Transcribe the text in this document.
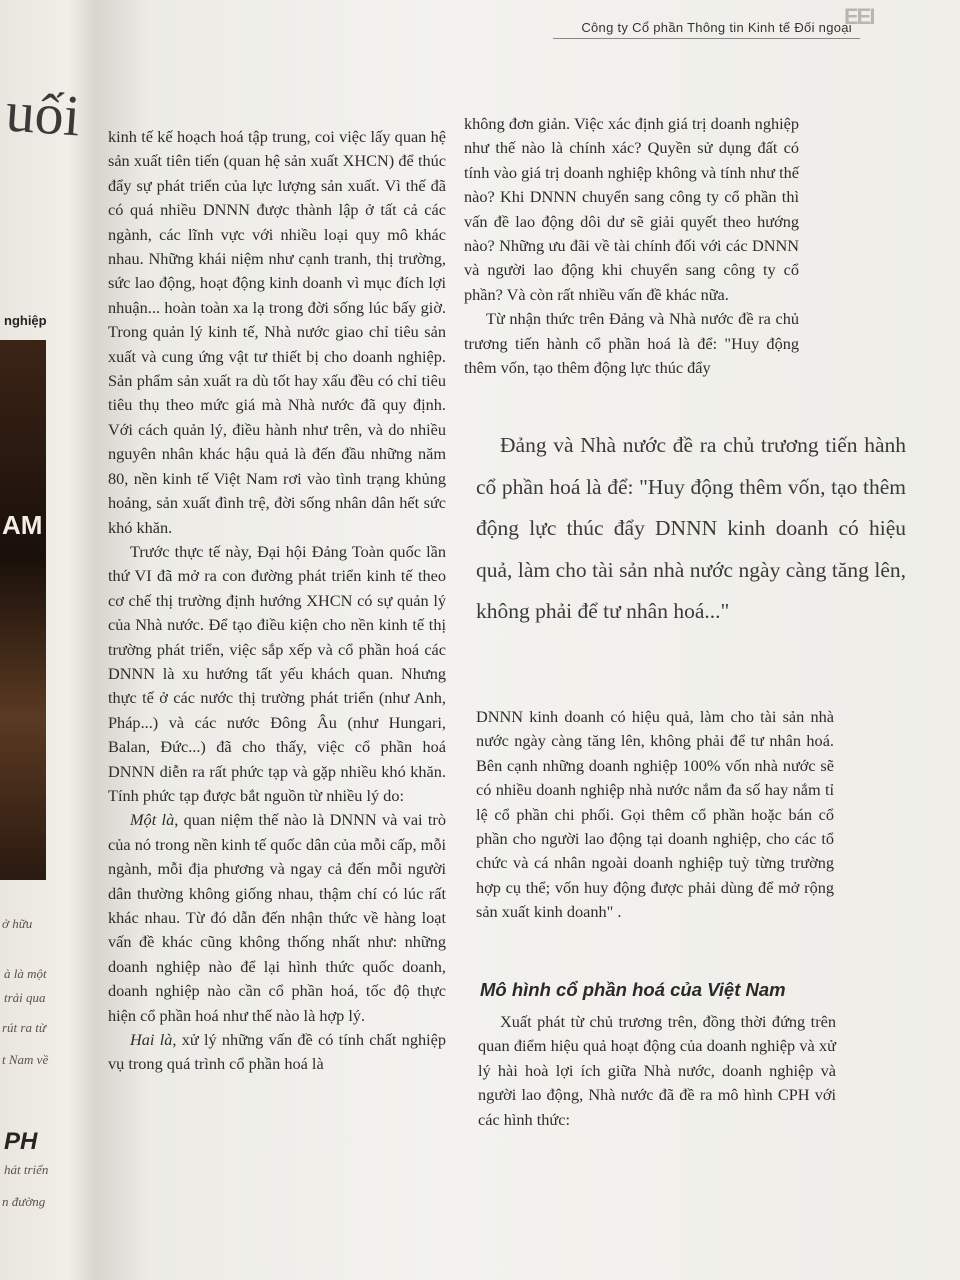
uối
nghiệp
AM
ở hữu
à là một
trải qua
rút ra từ
t Nam về
PH
hát triển
n đường
Công ty Cổ phần Thông tin Kinh tế Đối ngoại
EEI

kinh tế kế hoạch hoá tập trung, coi việc lấy quan hệ sản xuất tiên tiến (quan hệ sản xuất XHCN) để thúc đẩy sự phát triển của lực lượng sản xuất. Vì thế đã có quá nhiều DNNN được thành lập ở tất cả các ngành, các lĩnh vực với nhiều loại quy mô khác nhau. Những khái niệm như cạnh tranh, thị trường, sức lao động, hoạt động kinh doanh vì mục đích lợi nhuận... hoàn toàn xa lạ trong đời sống lúc bấy giờ. Trong quản lý kinh tế, Nhà nước giao chỉ tiêu sản xuất và cung ứng vật tư thiết bị cho doanh nghiệp. Sản phẩm sản xuất ra dù tốt hay xấu đều có chỉ tiêu tiêu thụ theo mức giá mà Nhà nước đã quy định. Với cách quản lý, điều hành như trên, và do nhiều nguyên nhân khác hậu quả là đến đầu những năm 80, nền kinh tế Việt Nam rơi vào tình trạng khủng hoảng, sản xuất đình trệ, đời sống nhân dân hết sức khó khăn.

Trước thực tế này, Đại hội Đảng Toàn quốc lần thứ VI đã mở ra con đường phát triển kinh tế theo cơ chế thị trường định hướng XHCN có sự quản lý của Nhà nước. Để tạo điều kiện cho nền kinh tế thị trường phát triển, việc sắp xếp và cổ phần hoá các DNNN là xu hướng tất yếu khách quan. Nhưng thực tế ở các nước thị trường phát triển (như Anh, Pháp...) và các nước Đông Âu (như Hungari, Balan, Đức...) đã cho thấy, việc cổ phần hoá DNNN diễn ra rất phức tạp và gặp nhiều khó khăn. Tính phức tạp được bắt nguồn từ nhiều lý do:

Một là, quan niệm thế nào là DNNN và vai trò của nó trong nền kinh tế quốc dân của mỗi cấp, mỗi ngành, mỗi địa phương và ngay cả đến mỗi người dân thường không giống nhau, thậm chí có lúc rất khác nhau. Từ đó dẫn đến nhận thức về hàng loạt vấn đề khác cũng không thống nhất như: những doanh nghiệp nào để lại hình thức quốc doanh, doanh nghiệp nào cần cổ phần hoá, tốc độ thực hiện cổ phần hoá như thế nào là hợp lý.

Hai là, xử lý những vấn đề có tính chất nghiệp vụ trong quá trình cổ phần hoá là

không đơn giản. Việc xác định giá trị doanh nghiệp như thế nào là chính xác? Quyền sử dụng đất có tính vào giá trị doanh nghiệp không và tính như thế nào? Khi DNNN chuyển sang công ty cổ phần thì vấn đề lao động dôi dư sẽ giải quyết theo hướng nào? Những ưu đãi về tài chính đối với các DNNN và người lao động khi chuyển sang công ty cổ phần? Và còn rất nhiều vấn đề khác nữa.

Từ nhận thức trên Đảng và Nhà nước đề ra chủ trương tiến hành cổ phần hoá là để: "Huy động thêm vốn, tạo thêm động lực thúc đẩy

Đảng và Nhà nước đề ra chủ trương tiến hành cổ phần hoá là để: "Huy động thêm vốn, tạo thêm động lực thúc đẩy DNNN kinh doanh có hiệu quả, làm cho tài sản nhà nước ngày càng tăng lên, không phải để tư nhân hoá..."

DNNN kinh doanh có hiệu quả, làm cho tài sản nhà nước ngày càng tăng lên, không phải để tư nhân hoá. Bên cạnh những doanh nghiệp 100% vốn nhà nước sẽ có nhiều doanh nghiệp nhà nước nắm đa số hay nắm tỉ lệ cổ phần chi phối. Gọi thêm cổ phần hoặc bán cổ phần cho người lao động tại doanh nghiệp, cho các tổ chức và cá nhân ngoài doanh nghiệp tuỳ từng trường hợp cụ thể; vốn huy động được phải dùng để mở rộng sản xuất kinh doanh" .

Mô hình cổ phần hoá của Việt Nam

Xuất phát từ chủ trương trên, đồng thời đứng trên quan điểm hiệu quả hoạt động của doanh nghiệp và xử lý hài hoà lợi ích giữa Nhà nước, doanh nghiệp và người lao động, Nhà nước đã đề ra mô hình CPH với các hình thức:
